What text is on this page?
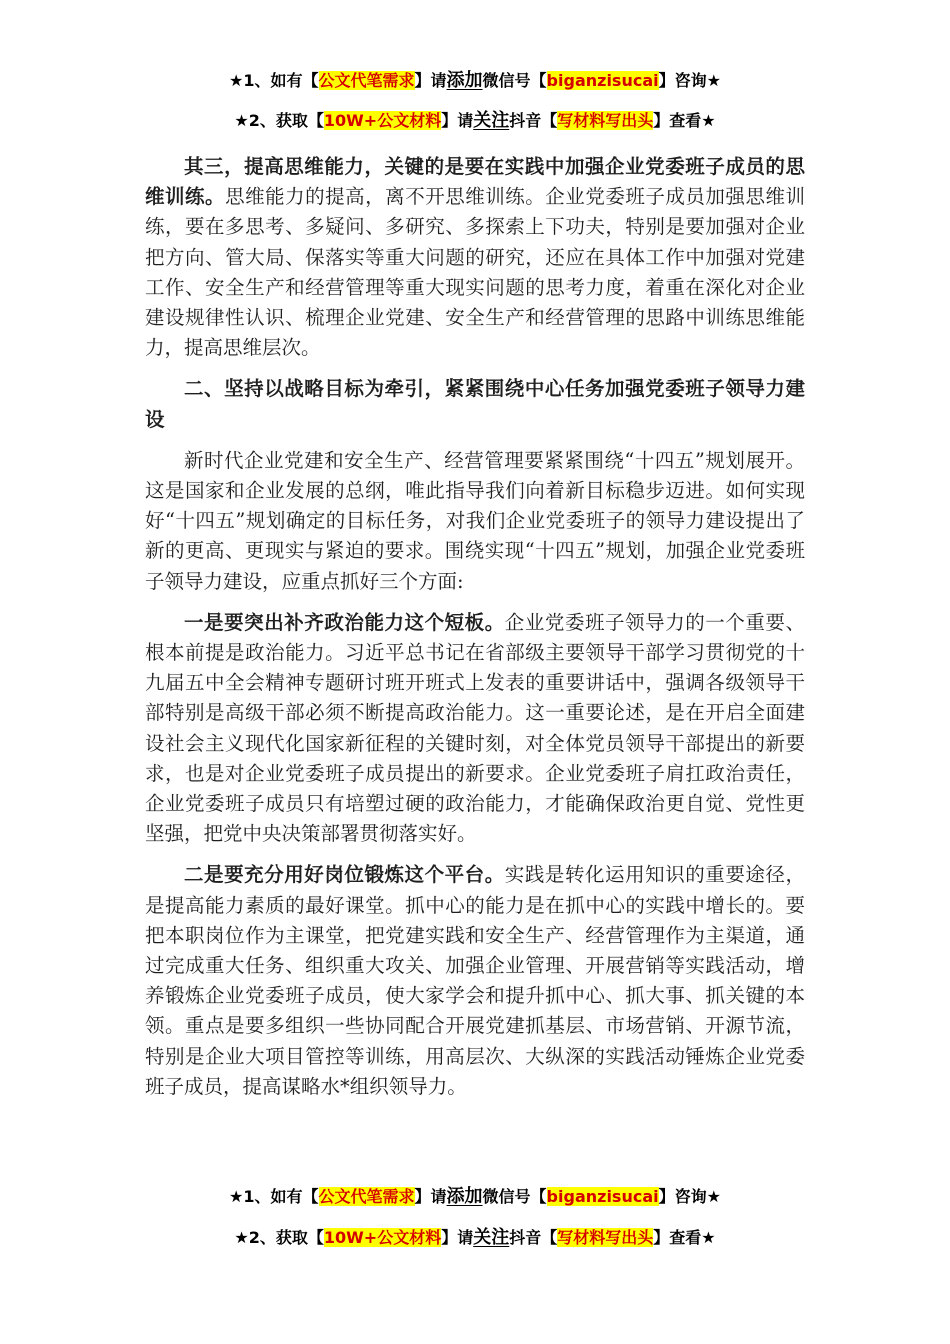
★1、如有【公文代笔需求】请添加微信号【biganzisucai】咨询★
★2、获取【10W+公文材料】请关注抖音【写材料写出头】查看★

其三，提高思维能力，关键的是要在实践中加强企业党委班子成员的思维训练。思维能力的提高，离不开思维训练。企业党委班子成员加强思维训练，要在多思考、多疑问、多研究、多探索上下功夫，特别是要加强对企业把方向、管大局、保落实等重大问题的研究，还应在具体工作中加强对党建工作、安全生产和经营管理等重大现实问题的思考力度，着重在深化对企业建设规律性认识、梳理企业党建、安全生产和经营管理的思路中训练思维能力，提高思维层次。

二、坚持以战略目标为牵引，紧紧围绕中心任务加强党委班子领导力建设

新时代企业党建和安全生产、经营管理要紧紧围绕“十四五”规划展开。这是国家和企业发展的总纲，唯此指导我们向着新目标稳步迈进。如何实现好“十四五”规划确定的目标任务，对我们企业党委班子的领导力建设提出了新的更高、更现实与紧迫的要求。围绕实现“十四五”规划，加强企业党委班子领导力建设，应重点抓好三个方面:

一是要突出补齐政治能力这个短板。企业党委班子领导力的一个重要、根本前提是政治能力。习近平总书记在省部级主要领导干部学习贯彻党的十九届五中全会精神专题研讨班开班式上发表的重要讲话中，强调各级领导干部特别是高级干部必须不断提高政治能力。这一重要论述，是在开启全面建设社会主义现代化国家新征程的关键时刻，对全体党员领导干部提出的新要求，也是对企业党委班子成员提出的新要求。企业党委班子肩扛政治责任，企业党委班子成员只有培塑过硬的政治能力，才能确保政治更自觉、党性更坚强，把党中央决策部署贯彻落实好。

二是要充分用好岗位锻炼这个平台。实践是转化运用知识的重要途径，是提高能力素质的最好课堂。抓中心的能力是在抓中心的实践中增长的。要把本职岗位作为主课堂，把党建实践和安全生产、经营管理作为主渠道，通过完成重大任务、组织重大攻关、加强企业管理、开展营销等实践活动，增养锻炼企业党委班子成员，使大家学会和提升抓中心、抓大事、抓关键的本领。重点是要多组织一些协同配合开展党建抓基层、市场营销、开源节流，特别是企业大项目管控等训练，用高层次、大纵深的实践活动锤炼企业党委班子成员，提高谋略水*组织领导力。

★1、如有【公文代笔需求】请添加微信号【biganzisucai】咨询★
★2、获取【10W+公文材料】请关注抖音【写材料写出头】查看★
